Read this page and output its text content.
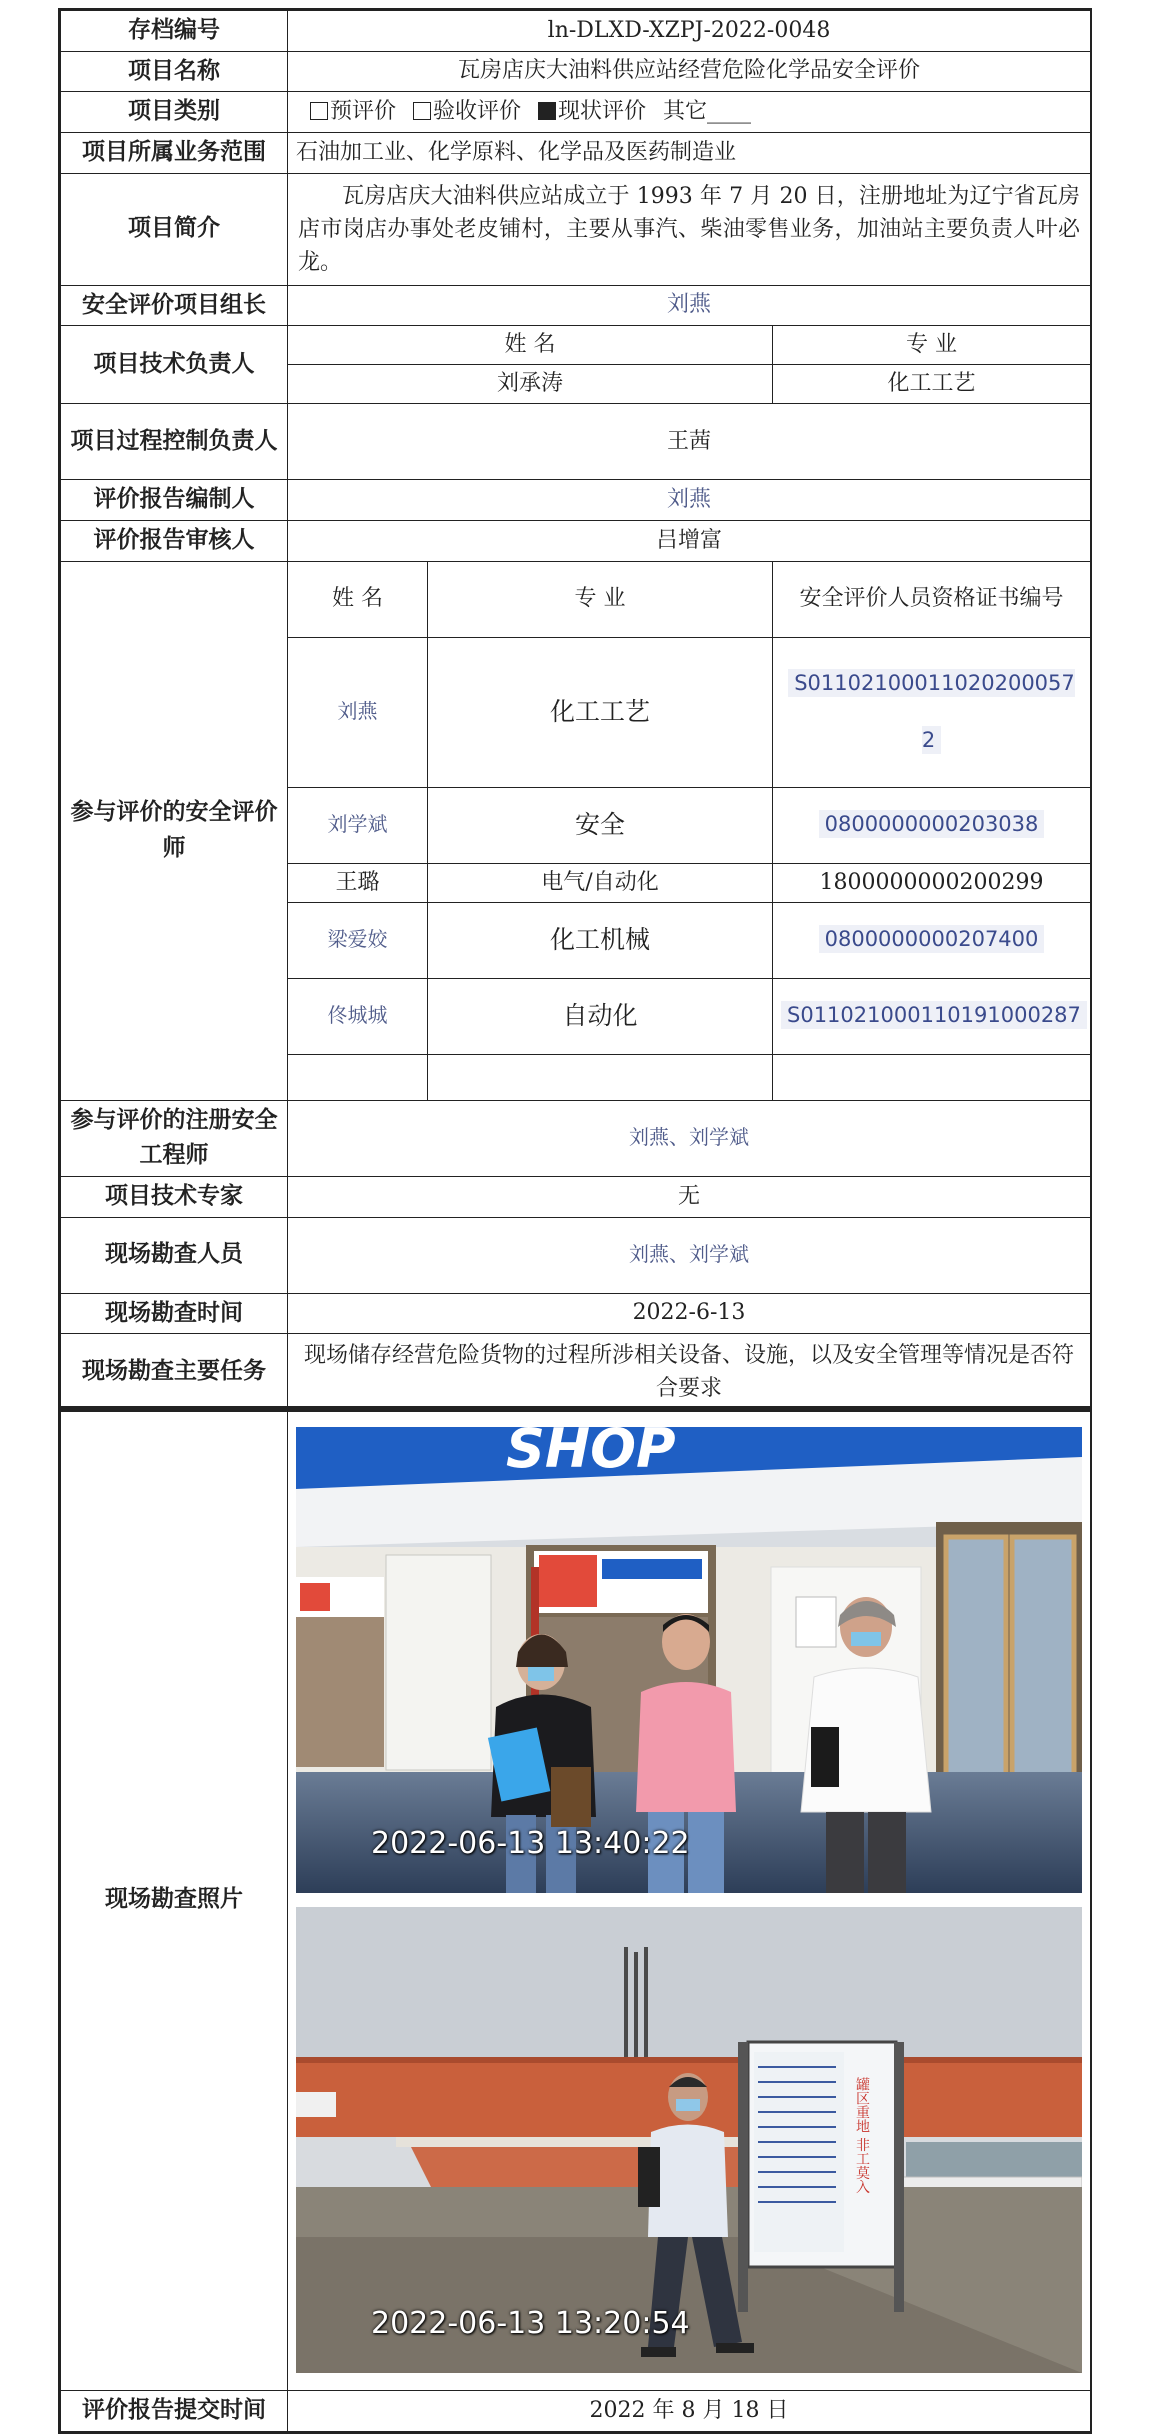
存档编号	ln-DLXD-XZPJ-2022-0048		
项目名称	瓦房店庆大油料供应站经营危险化学品安全评价		
项目类别	预评价 验收评价 现状评价 其它____		
项目所属业务范围	石油加工业、化学原料、化学品及医药制造业		
项目简介	瓦房店庆大油料供应站成立于 1993 年 7 月 20 日，注册地址为辽宁省瓦房店市岗店办事处老皮铺村，主要从事汽、柴油零售业务，加油站主要负责人叶必龙。		
安全评价项目组长	刘燕		
项目技术负责人	姓 名		专 业
	刘承涛		化工工艺
项目过程控制负责人	王茜		
评价报告编制人	刘燕		
评价报告审核人	吕增富		
参与评价的安全评价师	姓 名	专 业	安全评价人员资格证书编号
	刘燕	化工工艺	S011021000110202000572
	刘学斌	安全	0800000000203038
	王璐	电气/自动化	1800000000200299
	梁爱姣	化工机械	0800000000207400
	佟城城	自动化	S011021000110191000287

参与评价的注册安全工程师	刘燕、刘学斌		
项目技术专家	无		
现场勘查人员	刘燕、刘学斌		
现场勘查时间	2022-6-13		
现场勘查主要任务	现场储存经营危险货物的过程所涉相关设备、设施，以及安全管理等情况是否符合要求		
现场勘查照片	SHOP
2022-06-13 13:40:22
罐区重地 非工莫入
2022-06-13 13:20:54

评价报告提交时间	2022 年 8 月 18 日
